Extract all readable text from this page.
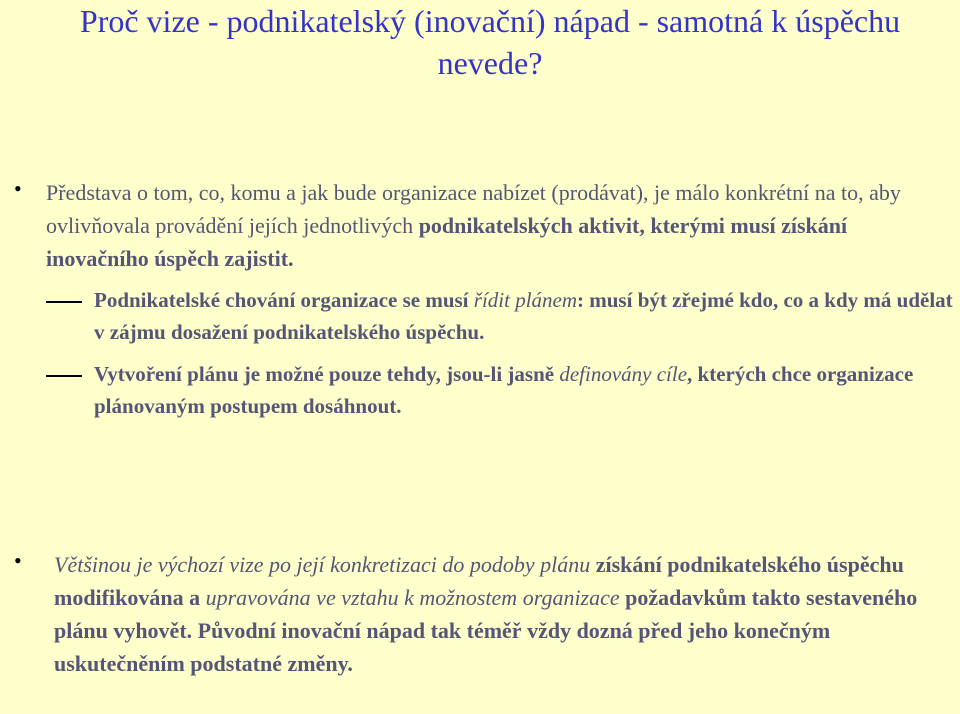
Proč vize - podnikatelský (inovační) nápad - samotná k úspěchu nevede?
• Představa o tom, co, komu a jak bude organizace nabízet (prodávat), je málo konkrétní na to, aby ovlivňovala provádění jejích jednotlivých podnikatelských aktivit, kterými musí získání inovačního úspěch zajistit.
Podnikatelské chování organizace se musí řídit plánem: musí být zřejmé kdo, co a kdy má udělat v zájmu dosažení podnikatelského úspěchu.
Vytvoření plánu je možné pouze tehdy, jsou-li jasně definovány cíle, kterých chce organizace plánovaným postupem dosáhnout.
• Většinou je výchozí vize po její konkretizaci do podoby plánu získání podnikatelského úspěchu modifikována a upravována ve vztahu k možnostem organizace požadavkům takto sestaveného plánu vyhovět. Původní inovační nápad tak téměř vždy dozná před jeho konečným uskutečněním podstatné změny.
